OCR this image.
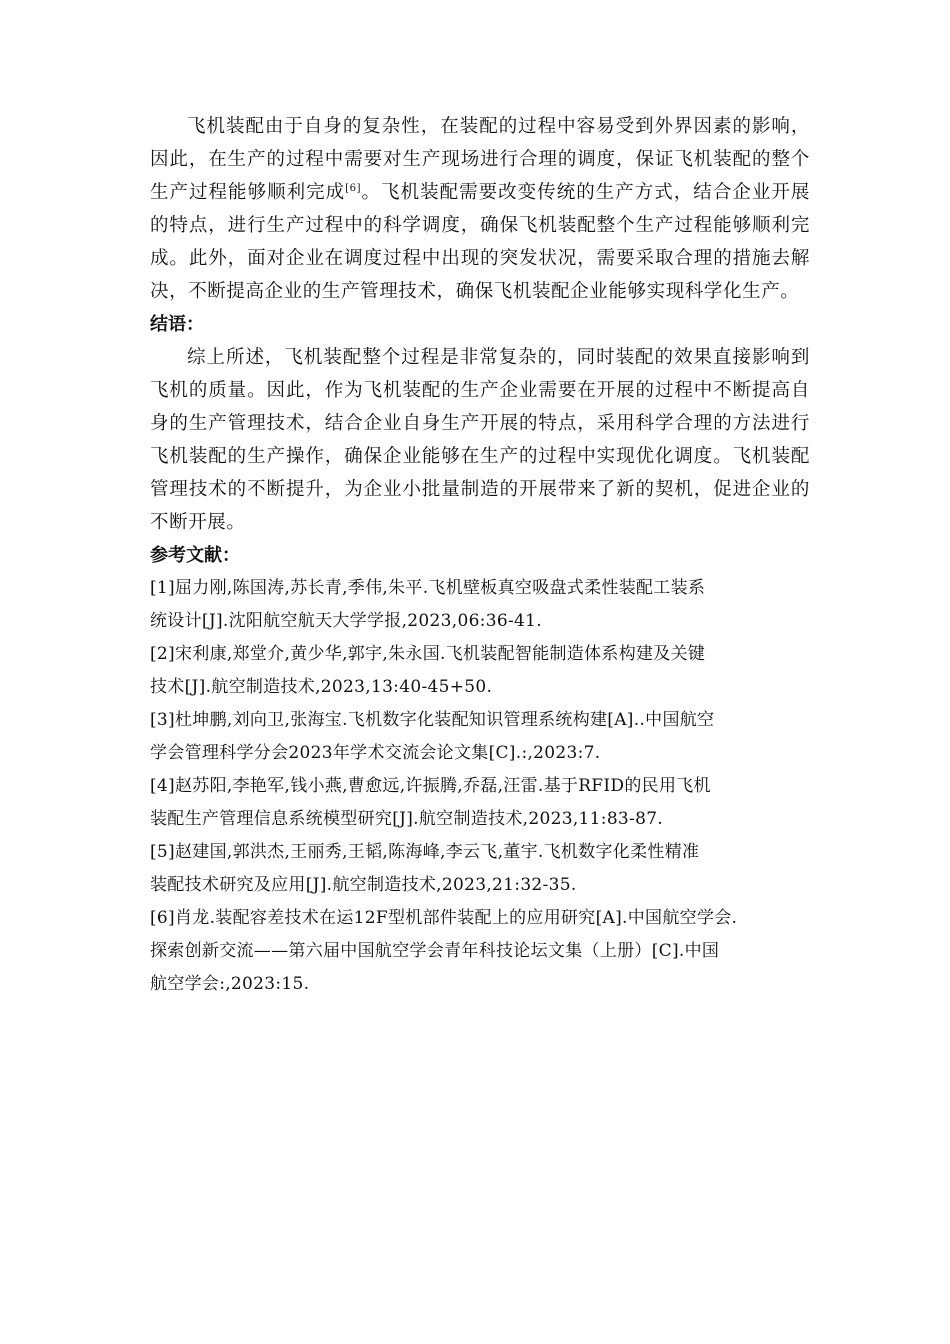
飞机装配由于自身的复杂性，在装配的过程中容易受到外界因素的影响，因此，在生产的过程中需要对生产现场进行合理的调度，保证飞机装配的整个生产过程能够顺利完成[6]。飞机装配需要改变传统的生产方式，结合企业开展的特点，进行生产过程中的科学调度，确保飞机装配整个生产过程能够顺利完成。此外，面对企业在调度过程中出现的突发状况，需要采取合理的措施去解决，不断提高企业的生产管理技术，确保飞机装配企业能够实现科学化生产。

结语：

综上所述，飞机装配整个过程是非常复杂的，同时装配的效果直接影响到飞机的质量。因此，作为飞机装配的生产企业需要在开展的过程中不断提高自身的生产管理技术，结合企业自身生产开展的特点，采用科学合理的方法进行飞机装配的生产操作，确保企业能够在生产的过程中实现优化调度。飞机装配管理技术的不断提升，为企业小批量制造的开展带来了新的契机，促进企业的不断开展。

参考文献：

[1]屈力刚,陈国涛,苏长青,季伟,朱平.飞机壁板真空吸盘式柔性装配工装系
统设计[J].沈阳航空航天大学学报,2023,06:36-41.
[2]宋利康,郑堂介,黄少华,郭宇,朱永国.飞机装配智能制造体系构建及关键
技术[J].航空制造技术,2023,13:40-45+50.
[3]杜坤鹏,刘向卫,张海宝.飞机数字化装配知识管理系统构建[A]..中国航空
学会管理科学分会2023年学术交流会论文集[C].:,2023:7.
[4]赵苏阳,李艳军,钱小燕,曹愈远,许振腾,乔磊,汪雷.基于RFID的民用飞机
装配生产管理信息系统模型研究[J].航空制造技术,2023,11:83-87.
[5]赵建国,郭洪杰,王丽秀,王韬,陈海峰,李云飞,董宇.飞机数字化柔性精准
装配技术研究及应用[J].航空制造技术,2023,21:32-35.
[6]肖龙.装配容差技术在运12F型机部件装配上的应用研究[A].中国航空学会.
探索创新交流——第六届中国航空学会青年科技论坛文集（上册）[C].中国
航空学会:,2023:15.
